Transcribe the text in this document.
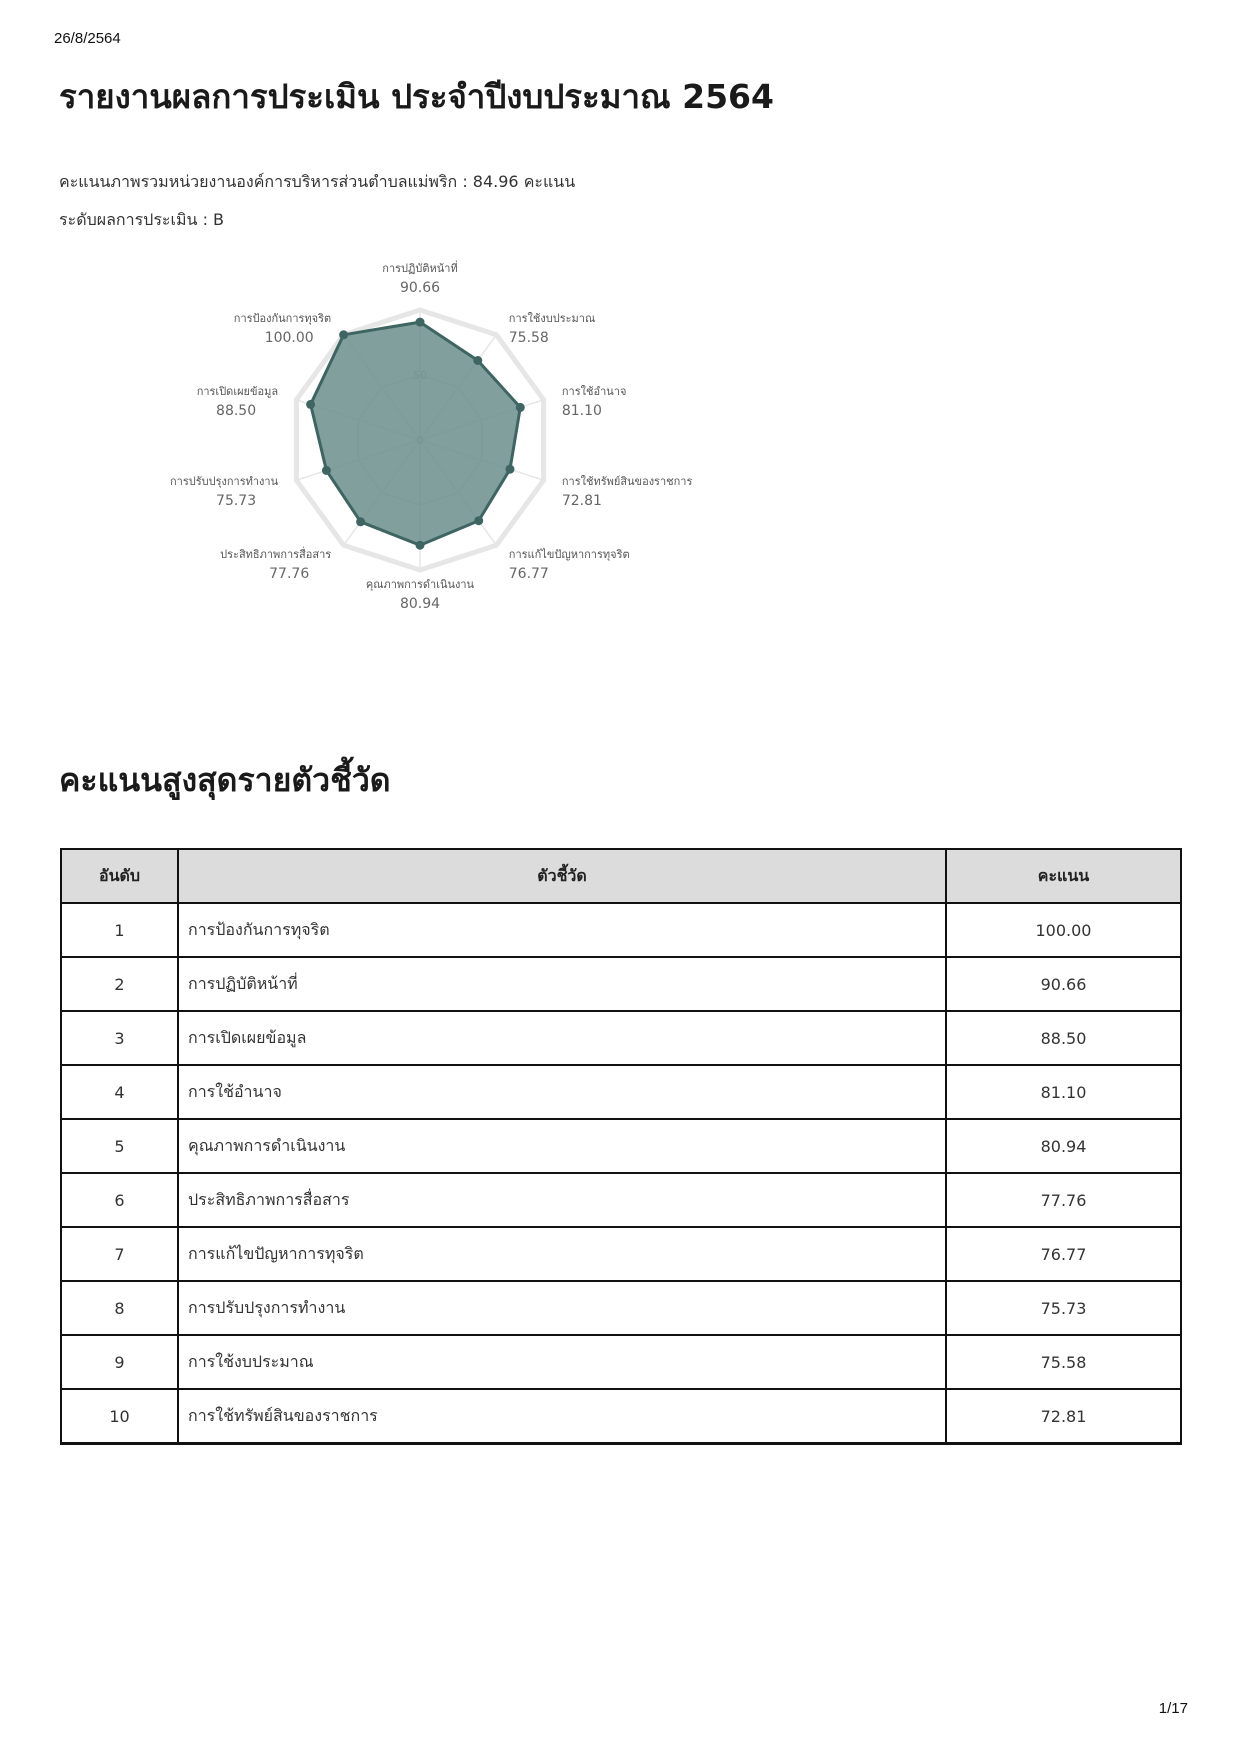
26/8/2564
รายงานผลการประเมิน ประจำปีงบประมาณ 2564
คะแนนภาพรวมหน่วยงานองค์การบริหารส่วนตำบลแม่พริก : 84.96 คะแนน
ระดับผลการประเมิน : B
การปฏิบัติหน้าที่
90.66
การใช้งบประมาณ
75.58
การใช้อำนาจ
81.10
การใช้ทรัพย์สินของราชการ
72.81
การแก้ไขปัญหาการทุจริต
76.77
คุณภาพการดำเนินงาน
80.94
ประสิทธิภาพการสื่อสาร
77.76
การปรับปรุงการทำงาน
75.73
การเปิดเผยข้อมูล
88.50
การป้องกันการทุจริต
100.00
คะแนนสูงสุดรายตัวชี้วัด
อันดับ	ตัวชี้วัด	คะแนน
1	การป้องกันการทุจริต	100.00
2	การปฏิบัติหน้าที่	90.66
3	การเปิดเผยข้อมูล	88.50
4	การใช้อำนาจ	81.10
5	คุณภาพการดำเนินงาน	80.94
6	ประสิทธิภาพการสื่อสาร	77.76
7	การแก้ไขปัญหาการทุจริต	76.77
8	การปรับปรุงการทำงาน	75.73
9	การใช้งบประมาณ	75.58
10	การใช้ทรัพย์สินของราชการ	72.81
1/17
